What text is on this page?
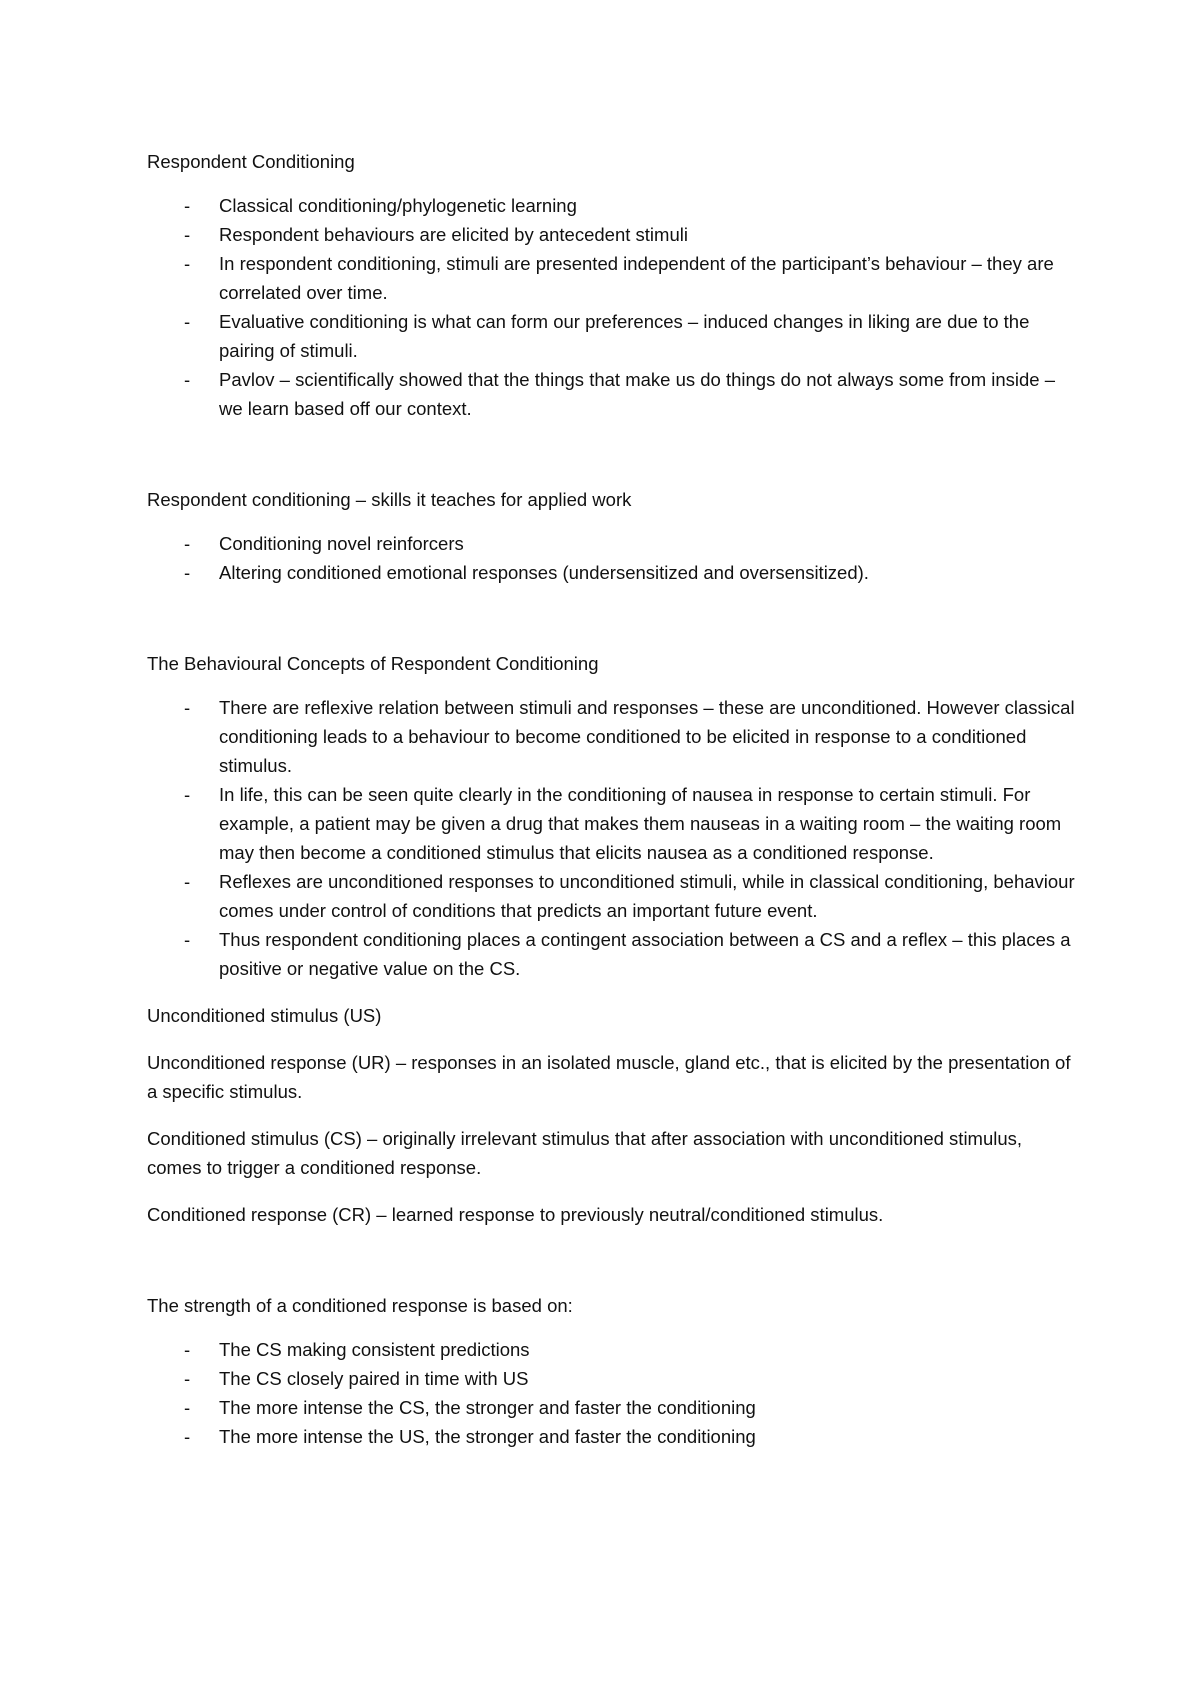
Respondent Conditioning

- Classical conditioning/phylogenetic learning
- Respondent behaviours are elicited by antecedent stimuli
- In respondent conditioning, stimuli are presented independent of the participant’s behaviour – they are correlated over time.
- Evaluative conditioning is what can form our preferences – induced changes in liking are due to the pairing of stimuli.
- Pavlov – scientifically showed that the things that make us do things do not always some from inside – we learn based off our context.

Respondent conditioning – skills it teaches for applied work

- Conditioning novel reinforcers
- Altering conditioned emotional responses (undersensitized and oversensitized).

The Behavioural Concepts of Respondent Conditioning

- There are reflexive relation between stimuli and responses – these are unconditioned. However classical conditioning leads to a behaviour to become conditioned to be elicited in response to a conditioned stimulus.
- In life, this can be seen quite clearly in the conditioning of nausea in response to certain stimuli. For example, a patient may be given a drug that makes them nauseas in a waiting room – the waiting room may then become a conditioned stimulus that elicits nausea as a conditioned response.
- Reflexes are unconditioned responses to unconditioned stimuli, while in classical conditioning, behaviour comes under control of conditions that predicts an important future event.
- Thus respondent conditioning places a contingent association between a CS and a reflex – this places a positive or negative value on the CS.

Unconditioned stimulus (US)

Unconditioned response (UR) – responses in an isolated muscle, gland etc., that is elicited by the presentation of a specific stimulus.

Conditioned stimulus (CS) – originally irrelevant stimulus that after association with unconditioned stimulus, comes to trigger a conditioned response.

Conditioned response (CR) – learned response to previously neutral/conditioned stimulus.

The strength of a conditioned response is based on:

- The CS making consistent predictions
- The CS closely paired in time with US
- The more intense the CS, the stronger and faster the conditioning
- The more intense the US, the stronger and faster the conditioning
